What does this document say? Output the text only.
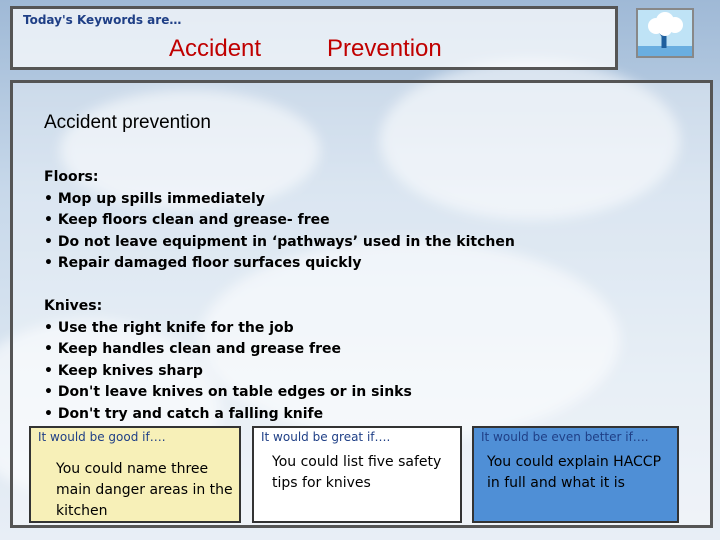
Today's Keywords are…
Accident	Prevention
Accident prevention

Floors:

• Mop up spills immediately

• Keep floors clean and grease- free

• Do not leave equipment in ‘pathways’ used in the kitchen

• Repair damaged floor surfaces quickly

Knives:

• Use the right knife for the job

• Keep handles clean and grease free

• Keep knives sharp

• Don't leave knives on table edges or in sinks

• Don't try and catch a falling knife

It would be good if….
You could name three main danger areas in the kitchen
It would be great if….
You could list five safety tips for knives
It would be even better if….
You could explain HACCP in full and what it is
